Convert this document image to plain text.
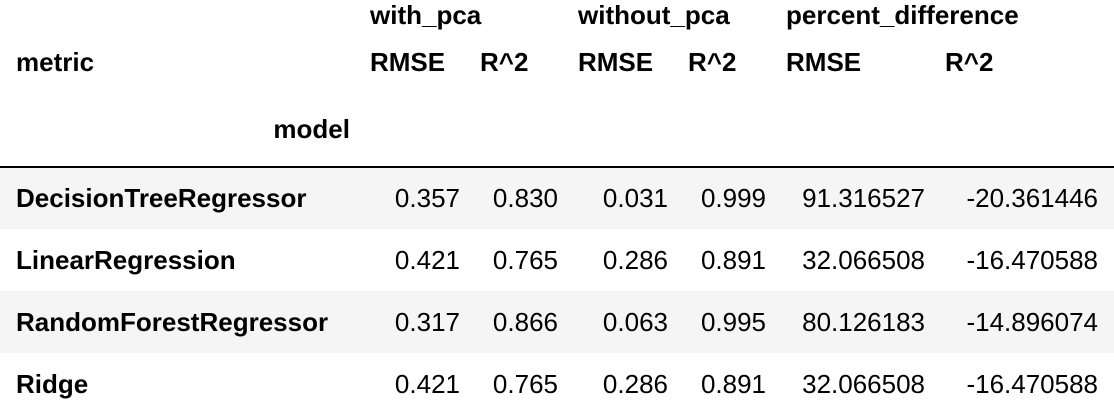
	with_pca		without_pca		percent_difference	
metric	RMSE	R^2	RMSE	R^2	RMSE	R^2
model						
DecisionTreeRegressor	0.357	0.830	0.031	0.999	91.316527	-20.361446
LinearRegression	0.421	0.765	0.286	0.891	32.066508	-16.470588
RandomForestRegressor	0.317	0.866	0.063	0.995	80.126183	-14.896074
Ridge	0.421	0.765	0.286	0.891	32.066508	-16.470588
